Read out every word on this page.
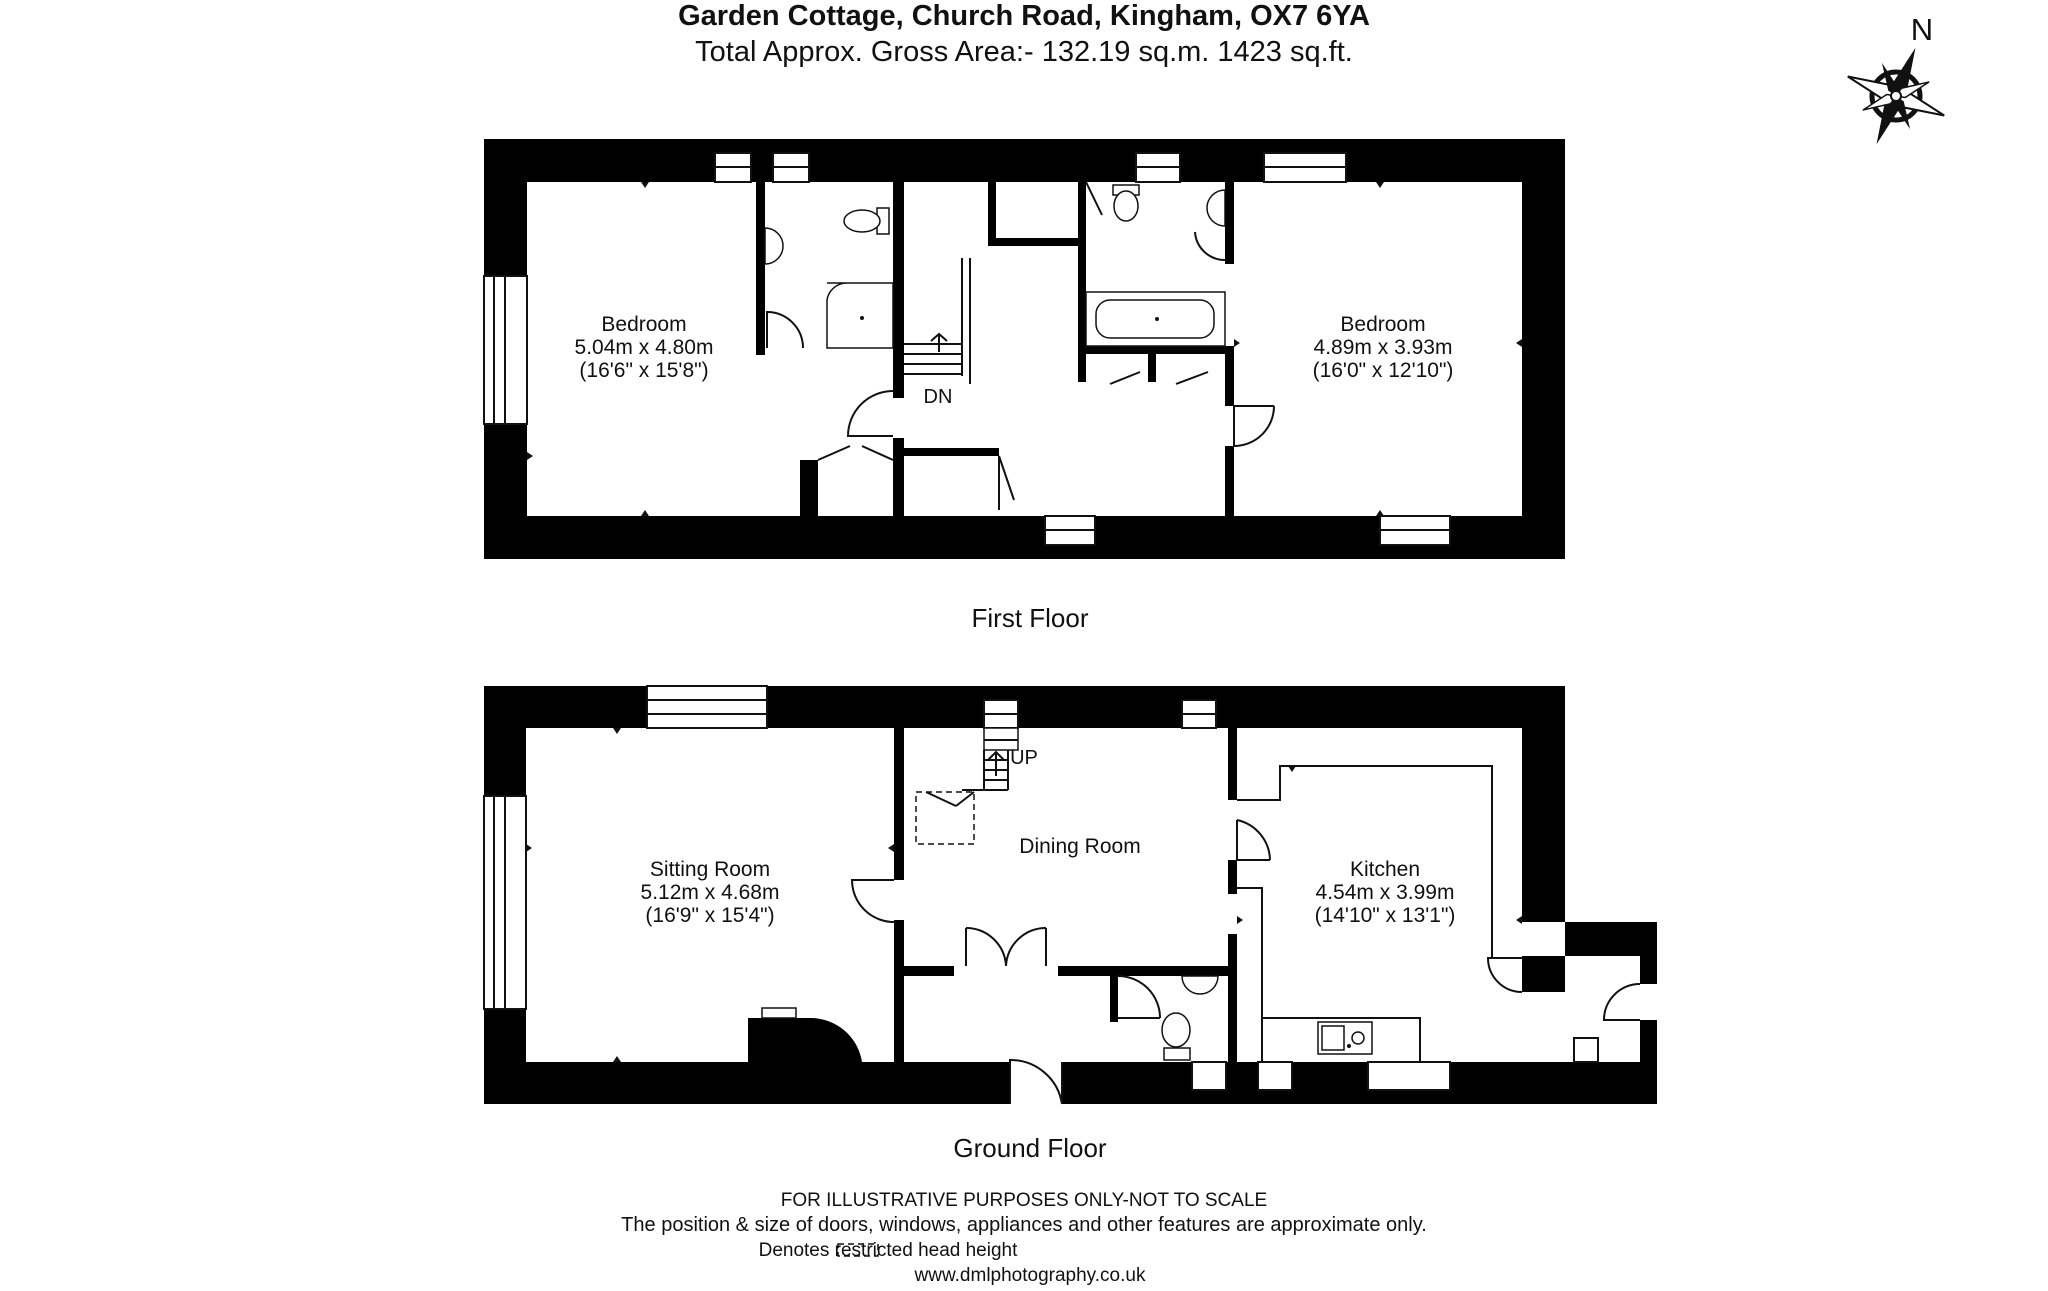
Garden Cottage, Church Road, Kingham, OX7 6YA
Total Approx. Gross Area:- 132.19 sq.m. 1423 sq.ft.
N
DN
Bedroom
5.04m x 4.80m
(16'6" x 15'8")
Bedroom
4.89m x 3.93m
(16'0" x 12'10")
First Floor
UP
Sitting Room
5.12m x 4.68m
(16'9" x 15'4")
Dining Room
Kitchen
4.54m x 3.99m
(14'10" x 13'1")
Ground Floor
FOR ILLUSTRATIVE PURPOSES ONLY-NOT TO SCALE
The position & size of doors, windows, appliances and other features are approximate only.
Denotes restricted head height
www.dmlphotography.co.uk
